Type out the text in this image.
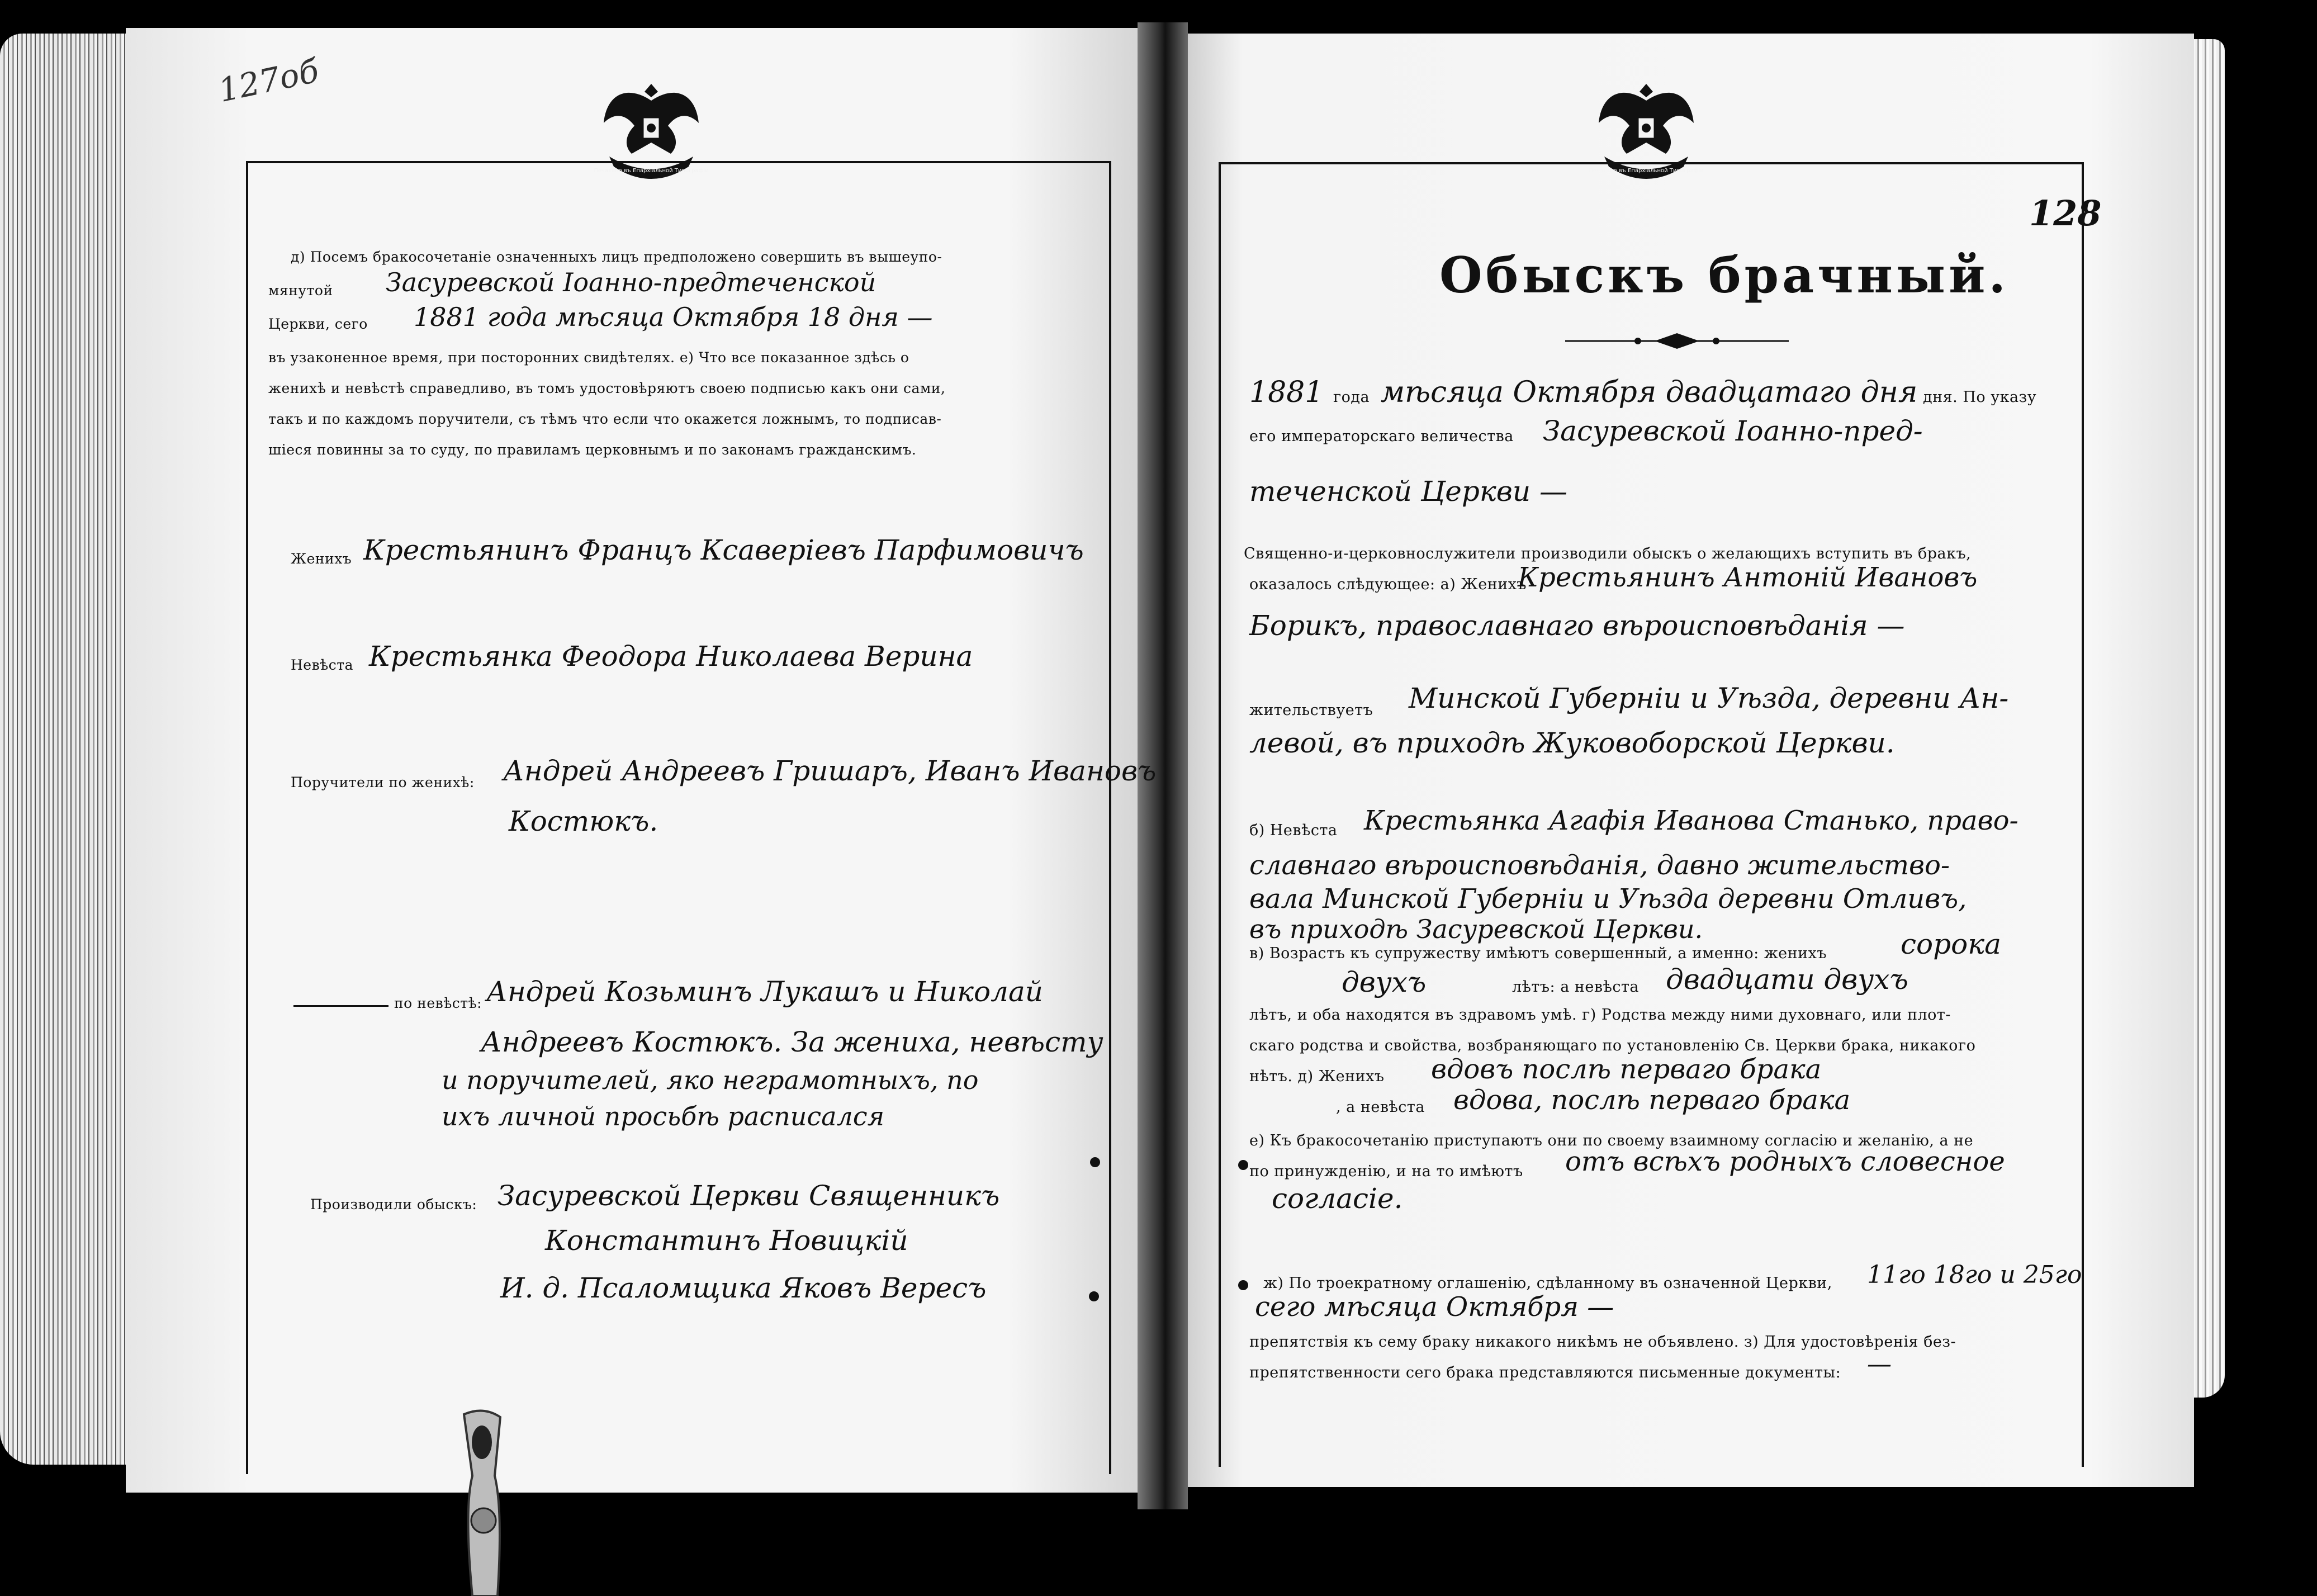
Печатано въ Епархіальной Типографіи	Печатано въ Епархіальной Типографіи
127об
д) Посемъ бракосочетаніе означенныхъ лицъ предположено совершить въ вышеупо-
мянутой Засуревской Іоанно-предтеченской
Церкви, сего 1881 года мѣсяца Октября 18 дня —
въ узаконенное время, при посторонних свидѣтелях. е) Что все показанное здѣсь о
женихѣ и невѣстѣ справедливо, въ томъ удостовѣряютъ своею подписью какъ они сами,
такъ и по каждомъ поручители, съ тѣмъ что если что окажется ложнымъ, то подписав-
шіеся повинны за то суду, по правиламъ церковнымъ и по законамъ гражданскимъ.
Женихъ Крестьянинъ Францъ Ксаверіевъ Парфимовичъ
Невѣста Крестьянка Феодора Николаева Верина
Поручители по женихѣ: Андрей Андреевъ Гришаръ, Иванъ Ивановъ
Костюкъ.
по невѣстѣ: Андрей Козьминъ Лукашъ и Николай
Андреевъ Костюкъ. За жениха, невѣсту
и поручителей, яко неграмотныхъ, по
ихъ личной просьбѣ расписался
Производили обыскъ: Засуревской Церкви Священникъ
Константинъ Новицкій
И. д. Псаломщика Яковъ Вересъ
128
Обыскъ брачный.
1881 года мѣсяца Октября двадцатаго дня дня. По указу
его императорскаго величества Засуревской Іоанно-пред-
теченской Церкви —
Священно-и-церковнослужители производили обыскъ о желающихъ вступить въ бракъ,
оказалось слѣдующее: а) Женихъ
Крестьянинъ Антоній Ивановъ
Борикъ, православнаго вѣроисповѣданія —
жительствуетъ Минской Губерніи и Уѣзда, деревни Ан-
левой, въ приходѣ Жуковоборской Церкви.
б) Невѣста Крестьянка Агафія Иванова Станько, право-
славнаго вѣроисповѣданія, давно жительство-
вала Минской Губерніи и Уѣзда деревни Отливъ,
въ приходѣ Засуревской Церкви.
в) Возрастъ къ супружеству имѣютъ совершенный, а именно: женихъ	сорока
двухъ	лѣтъ: а невѣста двадцати двухъ
лѣтъ, и оба находятся въ здравомъ умѣ. г) Родства между ними духовнаго, или плот-
скаго родства и свойства, возбраняющаго по установленію Св. Церкви брака, никакого
нѣтъ. д) Женихъ вдовъ послѣ перваго брака
, а невѣста вдова, послѣ перваго брака
е) Къ бракосочетанію приступаютъ они по своему взаимному согласію и желанію, а не
по принужденію, и на то имѣютъ отъ всѣхъ родныхъ словесное
согласіе.
ж) По троекратному оглашенію, сдѣланному въ означенной Церкви, 11го 18го и 25го
сего мѣсяца Октября —
препятствія къ сему браку никакого никѣмъ не объявлено. з) Для удостовѣренія без-
препятственности сего брака представляются письменные документы: —
